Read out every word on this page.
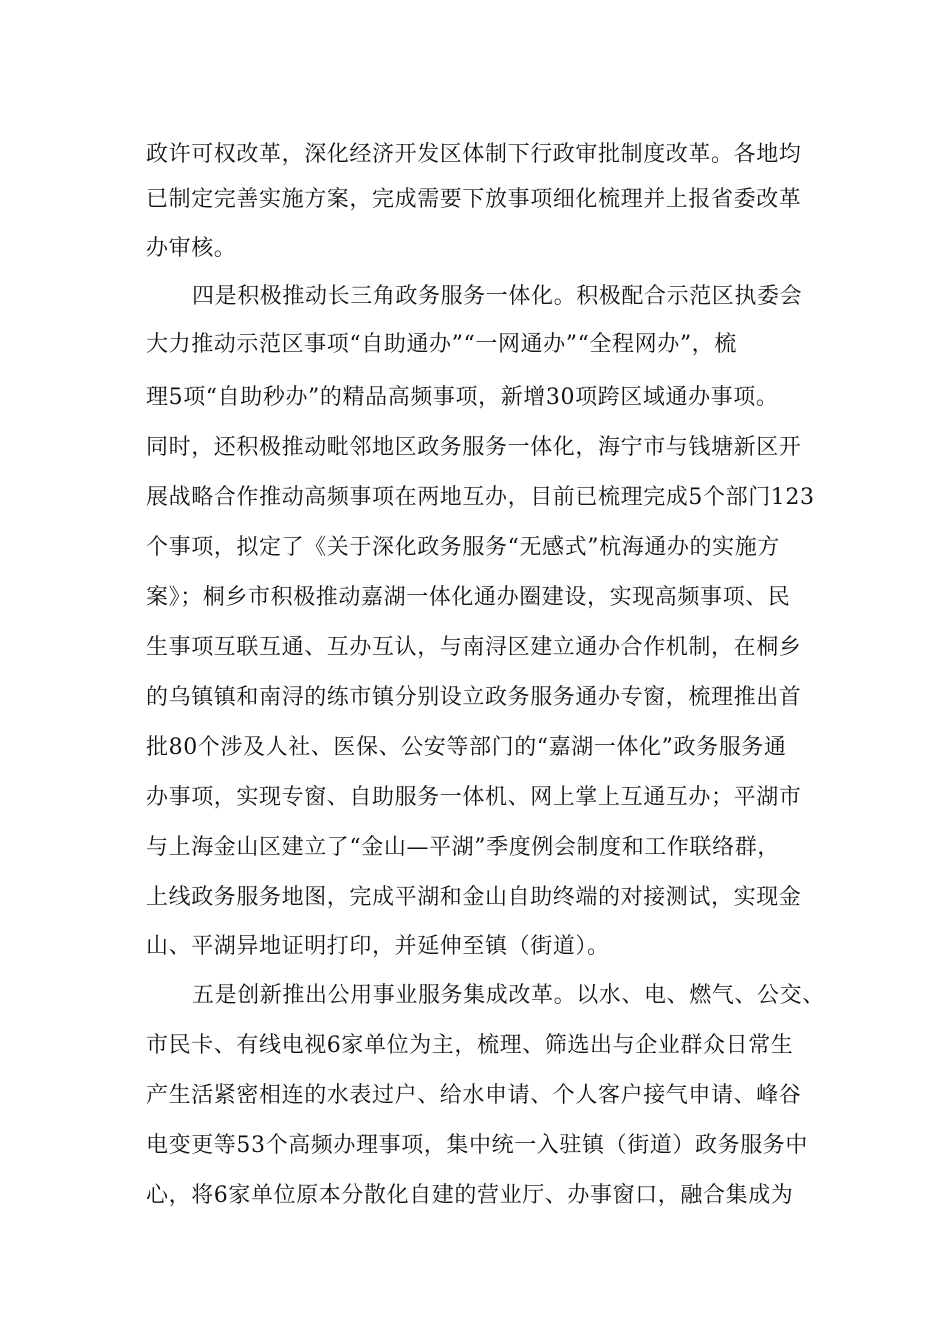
政许可权改革，深化经济开发区体制下行政审批制度改革。各地均
已制定完善实施方案，完成需要下放事项细化梳理并上报省委改革
办审核。
四是积极推动长三角政务服务一体化。积极配合示范区执委会
大力推动示范区事项“自助通办”“一网通办”“全程网办”，梳
理5项“自助秒办”的精品高频事项，新增30项跨区域通办事项。
同时，还积极推动毗邻地区政务服务一体化，海宁市与钱塘新区开
展战略合作推动高频事项在两地互办，目前已梳理完成5个部门123
个事项，拟定了《关于深化政务服务“无感式”杭海通办的实施方
案》；桐乡市积极推动嘉湖一体化通办圈建设，实现高频事项、民
生事项互联互通、互办互认，与南浔区建立通办合作机制，在桐乡
的乌镇镇和南浔的练市镇分别设立政务服务通办专窗，梳理推出首
批80个涉及人社、医保、公安等部门的“嘉湖一体化”政务服务通
办事项，实现专窗、自助服务一体机、网上掌上互通互办；平湖市
与上海金山区建立了“金山—平湖”季度例会制度和工作联络群，
上线政务服务地图，完成平湖和金山自助终端的对接测试，实现金
山、平湖异地证明打印，并延伸至镇（街道）。
五是创新推出公用事业服务集成改革。以水、电、燃气、公交、
市民卡、有线电视6家单位为主，梳理、筛选出与企业群众日常生
产生活紧密相连的水表过户、给水申请、个人客户接气申请、峰谷
电变更等53个高频办理事项，集中统一入驻镇（街道）政务服务中
心，将6家单位原本分散化自建的营业厅、办事窗口，融合集成为
